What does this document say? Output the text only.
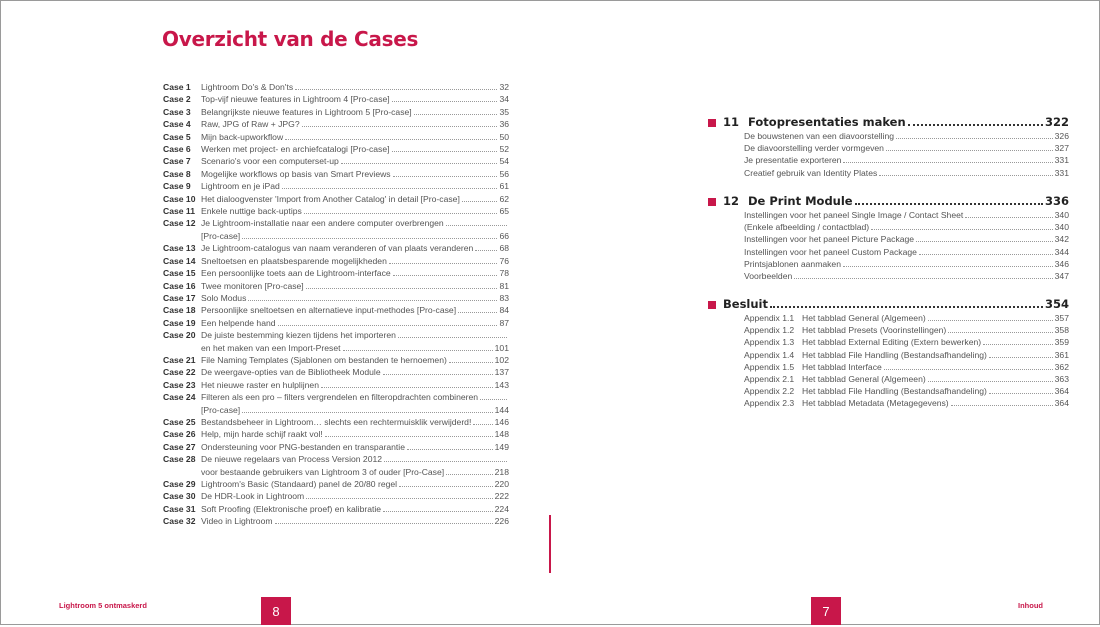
Overzicht van de Cases
Case 1	Lightroom Do's & Don'ts	32
Case 2	Top-vijf nieuwe features in Lightroom 4 [Pro-case]	34
Case 3	Belangrijkste nieuwe features in Lightroom 5 [Pro-case]	35
Case 4	Raw, JPG of Raw + JPG?	36
Case 5	Mijn back-upworkflow	50
Case 6	Werken met project- en archiefcatalogi [Pro-case]	52
Case 7	Scenario's voor een computerset-up	54
Case 8	Mogelijke workflows op basis van Smart Previews	56
Case 9	Lightroom en je iPad	61
Case 10 Het dialoogvenster 'Import from Another Catalog' in detail [Pro-case]	62
Case 11 Enkele nuttige back-uptips	65
Case 12 Je Lightroom-installatie naar een andere computer overbrengen
[Pro-case]	66
Case 13 Je Lightroom-catalogus van naam veranderen of van plaats veranderen	68
Case 14 Sneltoetsen en plaatsbesparende mogelijkheden	76
Case 15 Een persoonlijke toets aan de Lightroom-interface	78
Case 16 Twee monitoren [Pro-case]	81
Case 17 Solo Modus	83
Case 18 Persoonlijke sneltoetsen en alternatieve input-methodes [Pro-case]	84
Case 19 Een helpende hand	87
Case 20 De juiste bestemming kiezen tijdens het importeren
en het maken van een Import-Preset	101
Case 21 File Naming Templates (Sjablonen om bestanden te hernoemen)	102
Case 22 De weergave-opties van de Bibliotheek Module	137
Case 23 Het nieuwe raster en hulplijnen	143
Case 24 Filteren als een pro – filters vergrendelen en filteropdrachten combineren
[Pro-case]	144
Case 25 Bestandsbeheer in Lightroom… slechts een rechtermuisklik verwijderd!	146
Case 26 Help, mijn harde schijf raakt vol!	148
Case 27 Ondersteuning voor PNG-bestanden en transparantie	149
Case 28 De nieuwe regelaars van Process Version 2012
voor bestaande gebruikers van Lightroom 3 of ouder [Pro-Case]	218
Case 29 Lightroom's Basic (Standaard) panel de 20/80 regel	220
Case 30 De HDR-Look in Lightroom	222
Case 31 Soft Proofing (Elektronische proef) en kalibratie	224
Case 32 Video in Lightroom	226
11 Fotopresentaties maken	322
De bouwstenen van een diavoorstelling	326
De diavoorstelling verder vormgeven	327
Je presentatie exporteren	331
Creatief gebruik van Identity Plates	331
12 De Print Module	336
Instellingen voor het paneel Single Image / Contact Sheet	340
(Enkele afbeelding / contactblad)	340
Instellingen voor het paneel Picture Package	342
Instellingen voor het paneel Custom Package	344
Printsjablonen aanmaken	346
Voorbeelden	347
Besluit	354
Appendix 1.1 Het tabblad General (Algemeen)	357
Appendix 1.2 Het tabblad Presets (Voorinstellingen)	358
Appendix 1.3 Het tabblad External Editing (Extern bewerken)	359
Appendix 1.4 Het tabblad File Handling (Bestandsafhandeling)	361
Appendix 1.5 Het tabblad Interface	362
Appendix 2.1 Het tabblad General (Algemeen)	363
Appendix 2.2 Het tabblad File Handling (Bestandsafhandeling)	364
Appendix 2.3 Het tabblad Metadata (Metagegevens)	364
Lightroom 5 ontmaskerd	8	7	Inhoud
